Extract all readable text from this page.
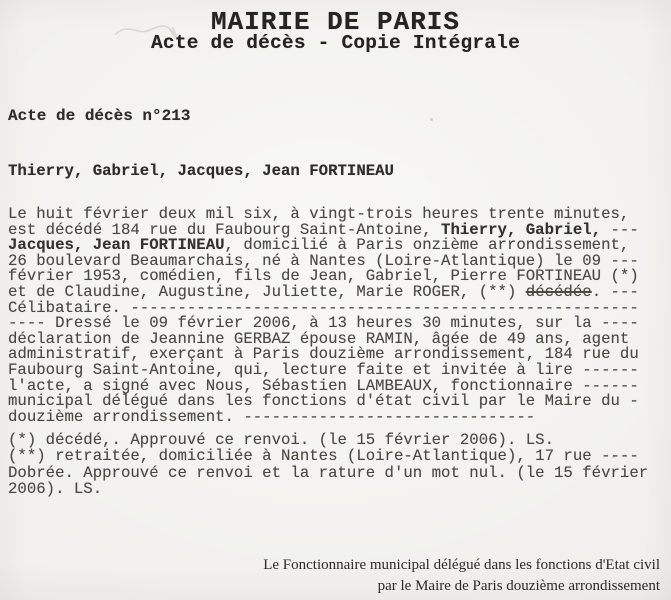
MAIRIE DE PARIS
Acte de décès - Copie Intégrale
Acte de décès n°213
Thierry, Gabriel, Jacques, Jean FORTINEAU
Le huit février deux mil six, à vingt-trois heures trente minutes,
est décédé 184 rue du Faubourg Saint-Antoine, Thierry, Gabriel, ---
Jacques, Jean FORTINEAU, domicilié à Paris onzième arrondissement,
26 boulevard Beaumarchais, né à Nantes (Loire-Atlantique) le 09 ---
février 1953, comédien, fils de Jean, Gabriel, Pierre FORTINEAU (*)
et de Claudine, Augustine, Juliette, Marie ROGER, (**) décédée. ---
Célibataire. ------------------------------------------------------
---- Dressé le 09 février 2006, à 13 heures 30 minutes, sur la ----
déclaration de Jeannine GERBAZ épouse RAMIN, âgée de 49 ans, agent
administratif, exerçant à Paris douzième arrondissement, 184 rue du
Faubourg Saint-Antoine, qui, lecture faite et invitée à lire ------
l'acte, a signé avec Nous, Sébastien LAMBEAUX, fonctionnaire ------
municipal délégué dans les fonctions d'état civil par le Maire du -
douzième arrondissement. -------------------------------
(*) décédé,. Approuvé ce renvoi. (le 15 février 2006). LS.
(**) retraitée, domiciliée à Nantes (Loire-Atlantique), 17 rue ----
Dobrée. Approuvé ce renvoi et la rature d'un mot nul. (le 15 février
2006). LS.
Le Fonctionnaire municipal délégué dans les fonctions d'Etat civil
par le Maire de Paris douzième arrondissement
